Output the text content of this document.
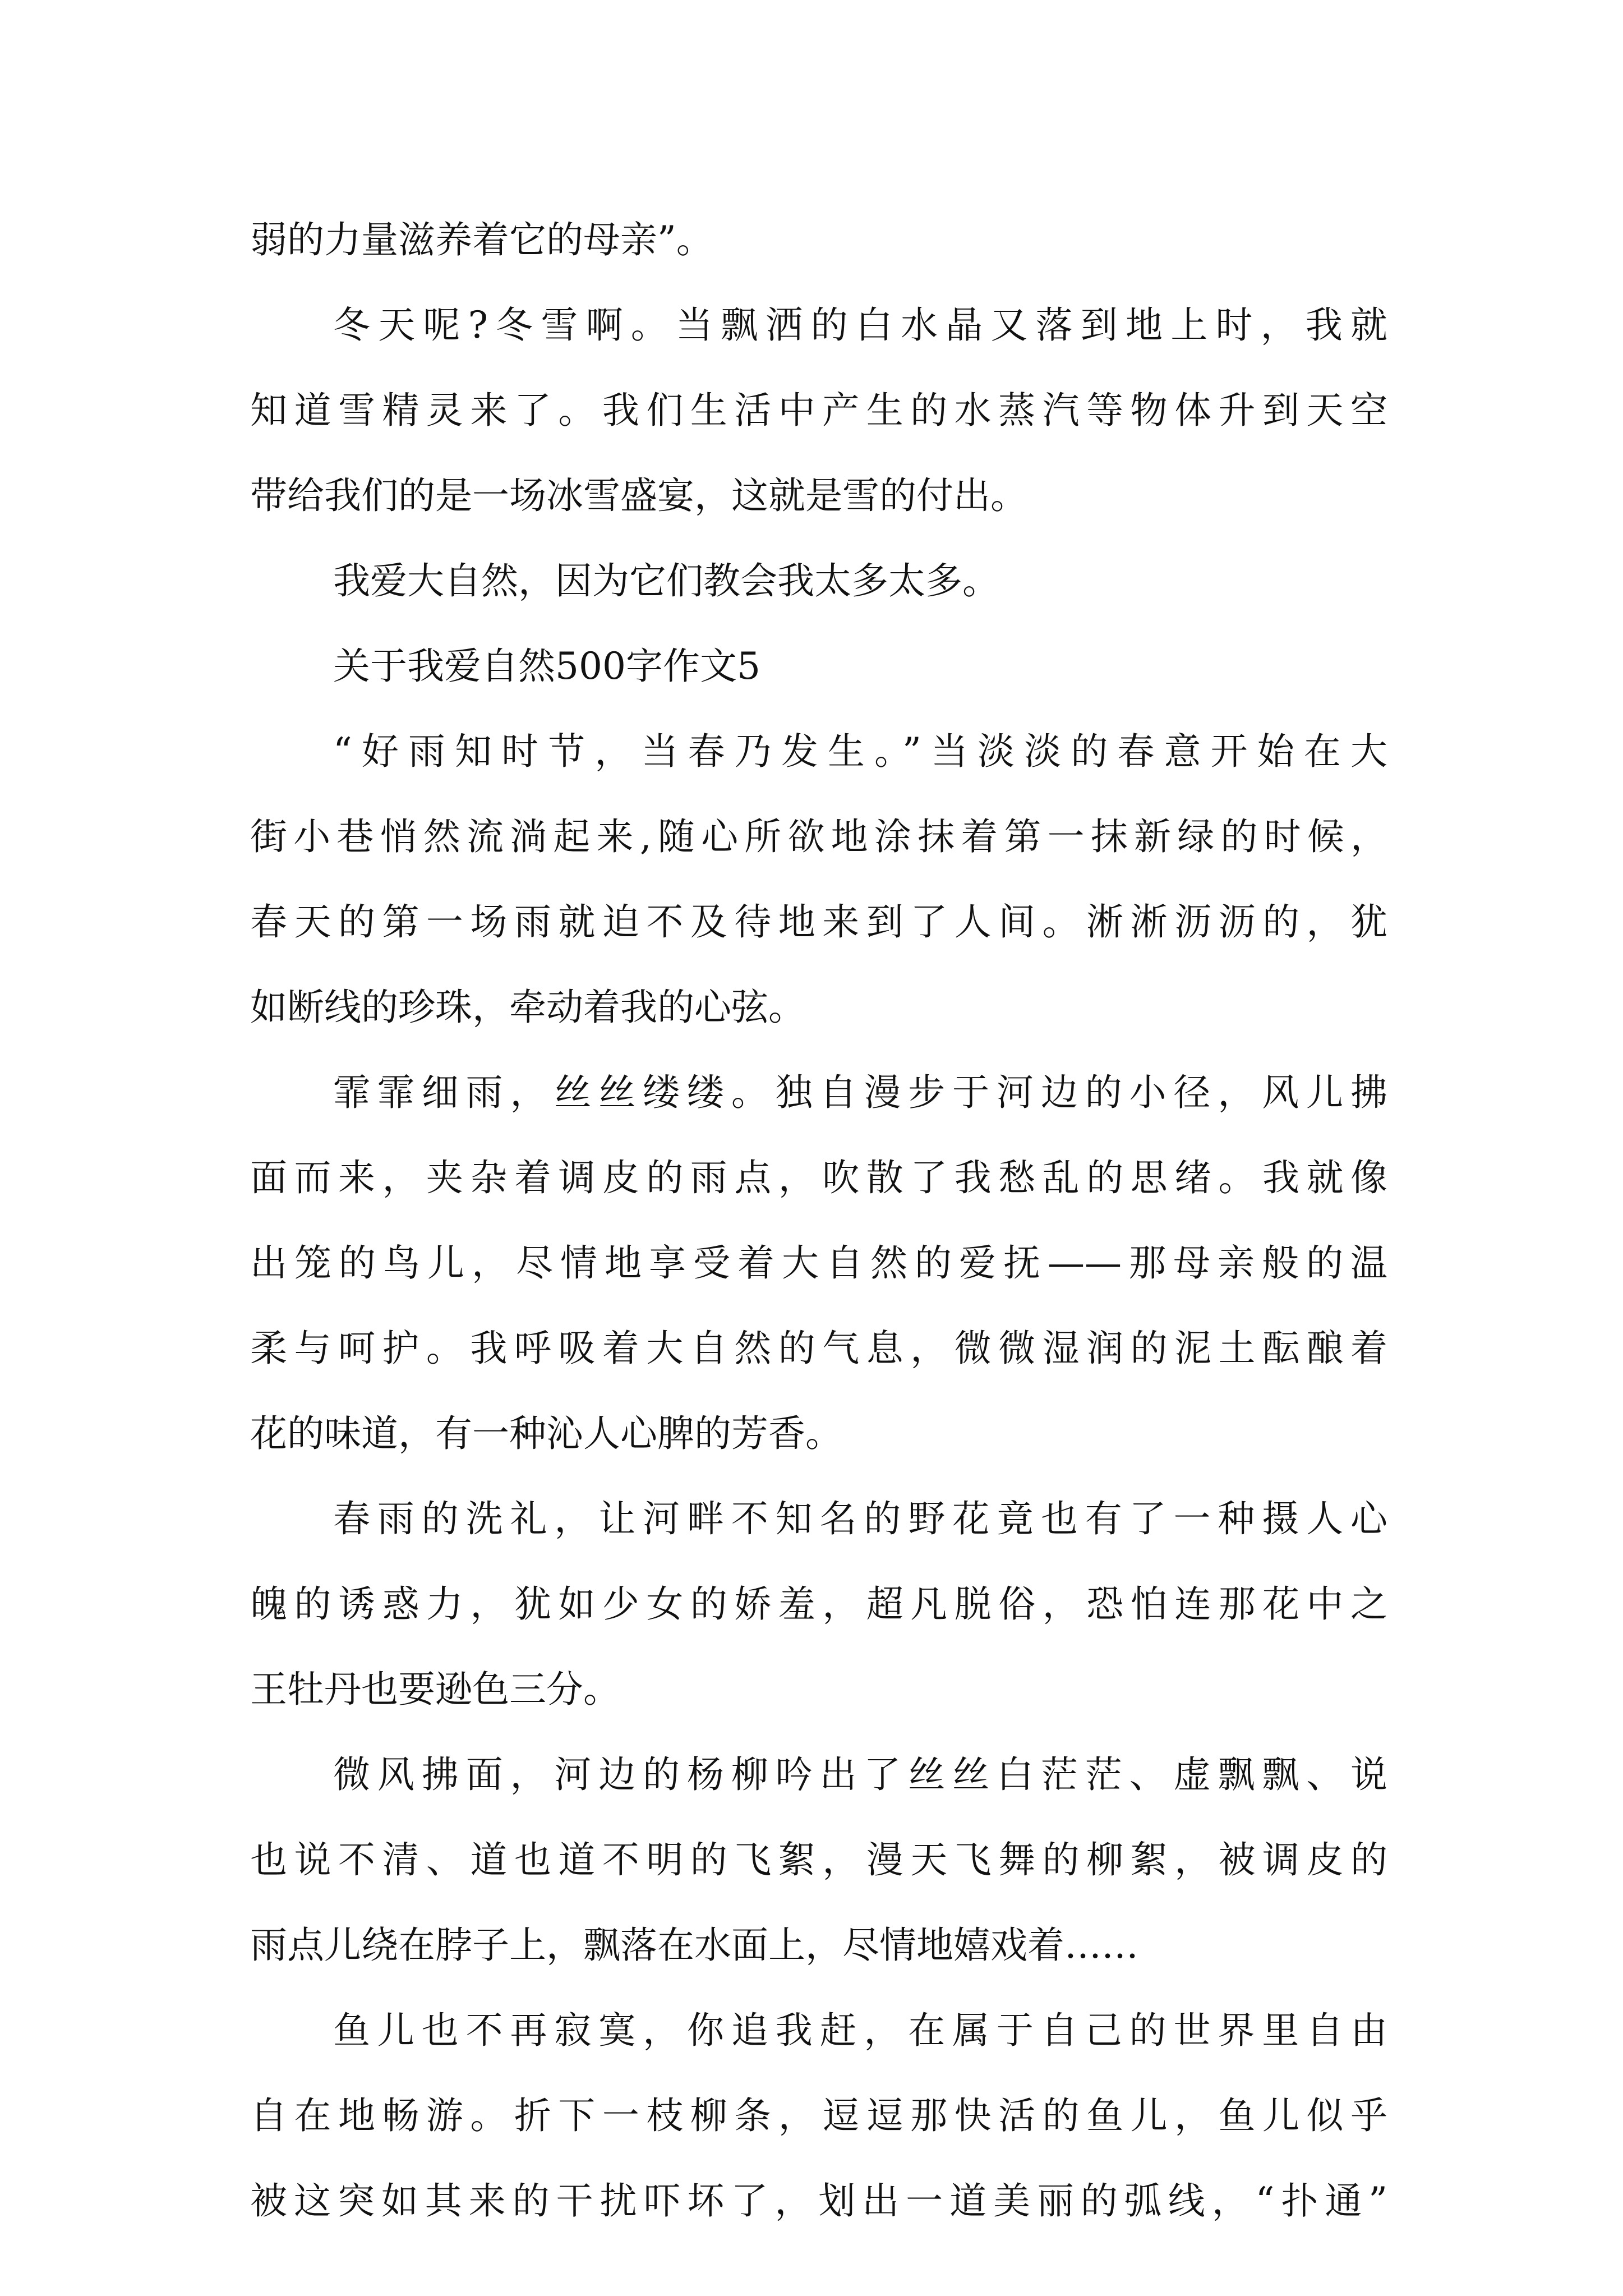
弱的力量滋养着它的母亲”。
冬天呢?冬雪啊。当飘洒的白水晶又落到地上时，我就
知道雪精灵来了。我们生活中产生的水蒸汽等物体升到天空
带给我们的是一场冰雪盛宴，这就是雪的付出。
我爱大自然，因为它们教会我太多太多。
关于我爱自然500字作文5
“好雨知时节，当春乃发生。”当淡淡的春意开始在大
街小巷悄然流淌起来,随心所欲地涂抹着第一抹新绿的时候，
春天的第一场雨就迫不及待地来到了人间。淅淅沥沥的，犹
如断线的珍珠，牵动着我的心弦。
霏霏细雨，丝丝缕缕。独自漫步于河边的小径，风儿拂
面而来，夹杂着调皮的雨点，吹散了我愁乱的思绪。我就像
出笼的鸟儿，尽情地享受着大自然的爱抚——那母亲般的温
柔与呵护。我呼吸着大自然的气息，微微湿润的泥土酝酿着
花的味道，有一种沁人心脾的芳香。
春雨的洗礼，让河畔不知名的野花竟也有了一种摄人心
魄的诱惑力，犹如少女的娇羞，超凡脱俗，恐怕连那花中之
王牡丹也要逊色三分。
微风拂面，河边的杨柳吟出了丝丝白茫茫、虚飘飘、说
也说不清、道也道不明的飞絮，漫天飞舞的柳絮，被调皮的
雨点儿绕在脖子上，飘落在水面上，尽情地嬉戏着……
鱼儿也不再寂寞，你追我赶，在属于自己的世界里自由
自在地畅游。折下一枝柳条，逗逗那快活的鱼儿，鱼儿似乎
被这突如其来的干扰吓坏了，划出一道美丽的弧线，“扑通”
